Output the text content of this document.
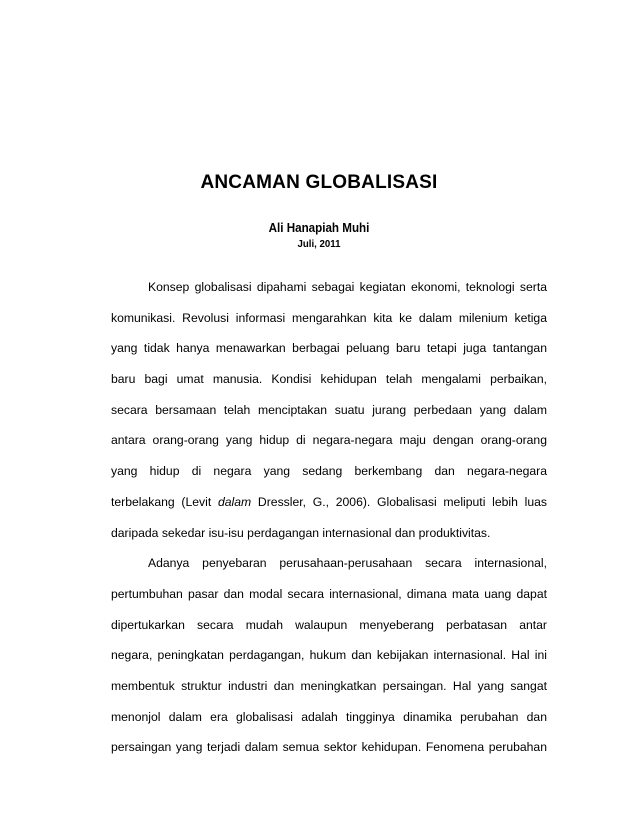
ANCAMAN GLOBALISASI
Ali Hanapiah Muhi
Juli, 2011
Konsep globalisasi dipahami sebagai kegiatan ekonomi, teknologi serta
komunikasi. Revolusi informasi mengarahkan kita ke dalam milenium ketiga
yang tidak hanya menawarkan berbagai peluang baru tetapi juga tantangan
baru bagi umat manusia. Kondisi kehidupan telah mengalami perbaikan,
secara bersamaan telah menciptakan suatu jurang perbedaan yang dalam
antara orang-orang yang hidup di negara-negara maju dengan orang-orang
yang hidup di negara yang sedang berkembang dan negara-negara
terbelakang (Levit dalam Dressler, G., 2006). Globalisasi meliputi lebih luas
daripada sekedar isu-isu perdagangan internasional dan produktivitas.
Adanya penyebaran perusahaan-perusahaan secara internasional,
pertumbuhan pasar dan modal secara internasional, dimana mata uang dapat
dipertukarkan secara mudah walaupun menyeberang perbatasan antar
negara, peningkatan perdagangan, hukum dan kebijakan internasional. Hal ini
membentuk struktur industri dan meningkatkan persaingan. Hal yang sangat
menonjol dalam era globalisasi adalah tingginya dinamika perubahan dan
persaingan yang terjadi dalam semua sektor kehidupan. Fenomena perubahan
